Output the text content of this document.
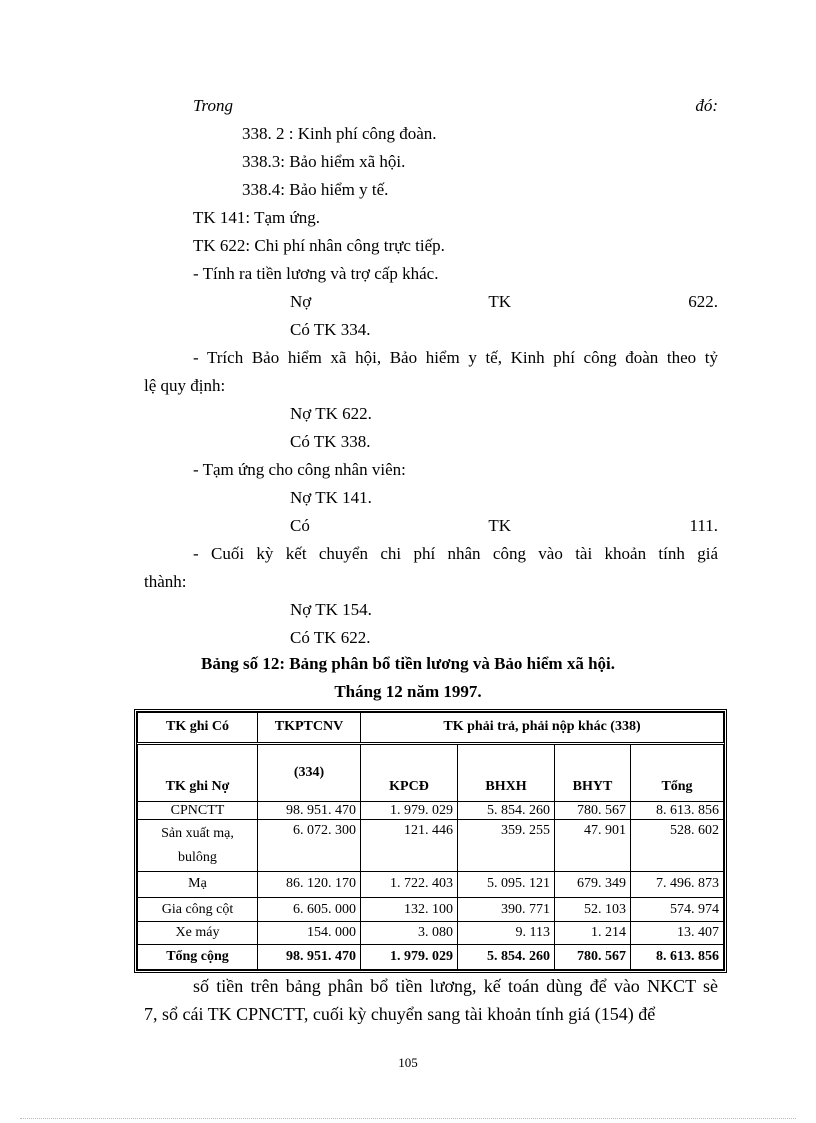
Trong	đó:
338. 2 : Kinh phí công đoàn.
338.3: Bảo hiểm xã hội.
338.4: Bảo hiểm y tế.
TK 141: Tạm ứng.
TK 622: Chi phí nhân công trực tiếp.
- Tính ra tiền lương và trợ cấp khác.
Nợ	TK	622.
Có TK 334.
- Trích Bảo hiểm xã hội, Bảo hiểm y tế, Kinh phí công đoàn theo tỷ
lệ quy định:
Nợ TK 622.
Có TK 338.
- Tạm ứng cho công nhân viên:
Nợ TK 141.
Có	TK	111.
- Cuối kỳ kết chuyển chi phí nhân công vào tài khoản tính giá
thành:
Nợ TK 154.
Có TK 622.
Bảng số 12: Bảng phân bổ tiền lương và Bảo hiểm xã hội.
Tháng 12 năm 1997.
TK ghi Có	TKPTCNV	TK phải trả, phải nộp khác (338)			
TK ghi Nợ	(334)	KPCĐ	BHXH	BHYT	Tổng
CPNCTT	98. 951. 470	1. 979. 029	5. 854. 260	780. 567	8. 613. 856
Sản xuất mạ, bulông	6. 072. 300	121. 446	359. 255	47. 901	528. 602
Mạ	86. 120. 170	1. 722. 403	5. 095. 121	679. 349	7. 496. 873
Gia công cột	6. 605. 000	132. 100	390. 771	52. 103	574. 974
Xe máy	154. 000	3. 080	9. 113	1. 214	13. 407
Tổng cộng	98. 951. 470	1. 979. 029	5. 854. 260	780. 567	8. 613. 856
số tiền trên bảng phân bổ tiền lương, kế toán dùng để vào NKCT sè
7, sổ cái TK CPNCTT, cuối kỳ chuyển sang tài khoản tính giá (154) để
105
